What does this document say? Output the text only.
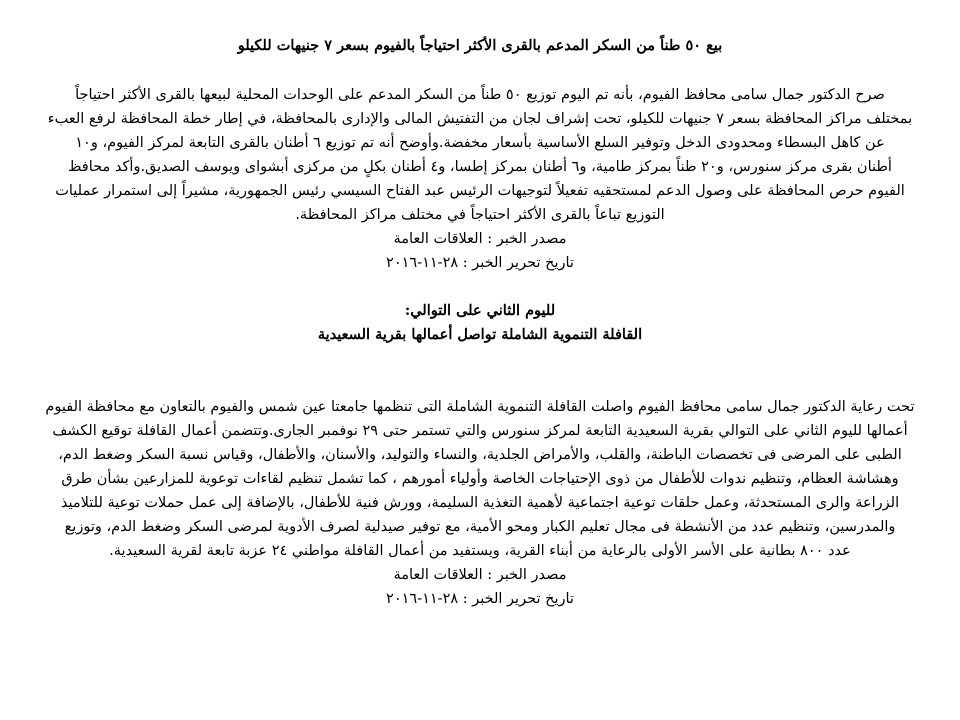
بيع ٥٠ طناً من السكر المدعم بالقرى الأكثر احتياجاً بالفيوم بسعر ٧ جنيهات للكيلو
صرح الدكتور جمال سامى محافظ الفيوم، بأنه تم اليوم توزيع ٥٠ طناً من السكر المدعم على الوحدات المحلية لبيعها بالقرى الأكثر احتياجاً
بمختلف مراكز المحافظة بسعر ٧ جنيهات للكيلو، تحت إشراف لجان من التفتيش المالى والإدارى بالمحافظة، في إطار خطة المحافظة لرفع العبء
عن كاهل البسطاء ومحدودى الدخل وتوفير السلع الأساسية بأسعار مخفضة.وأوضح أنه تم توزيع ٦ أطنان بالقرى التابعة لمركز الفيوم، و١٠
أطنان بقرى مركز سنورس، و٢٠ طناً بمركز طامية، و٦ أطنان بمركز إطسا، و٤ أطنان بكلٍ من مركزى أبشواى ويوسف الصديق.وأكد محافظ
الفيوم حرص المحافظة على وصول الدعم لمستحقيه تفعيلاً لتوجيهات الرئيس عبد الفتاح السيسي رئيس الجمهورية، مشيراً إلى استمرار عمليات
التوزيع تباعاً بالقرى الأكثر احتياجاً في مختلف مراكز المحافظة.
مصدر الخبر : العلاقات العامة
تاريخ تحرير الخبر : ٢٨-١١-٢٠١٦
لليوم الثاني على التوالي:
القافلة التنموية الشاملة تواصل أعمالها بقرية السعيدية
تحت رعاية الدكتور جمال سامى محافظ الفيوم واصلت القافلة التنموية الشاملة التى تنظمها جامعتا عين شمس والفيوم بالتعاون مع محافظة الفيوم
أعمالها لليوم الثاني على التوالي بقرية السعيدية التابعة لمركز سنورس والتي تستمر حتى ٢٩ نوفمبر الجارى.وتتضمن أعمال القافلة توقيع الكشف
الطبى على المرضى فى تخصصات الباطنة، والقلب، والأمراض الجلدية، والنساء والتوليد، والأسنان، والأطفال، وقياس نسبة السكر وضغط الدم،
وهشاشة العظام، وتنظيم ندوات للأطفال من ذوى الإحتياجات الخاصة وأولياء أمورهم ، كما تشمل تنظيم لقاءات توعوية للمزارعين بشأن طرق
الزراعة والرى المستحدثة، وعمل حلقات توعية اجتماعية لأهمية التغذية السليمة، وورش فنية للأطفال، بالإضافة إلى عمل حملات توعية للتلاميذ
والمدرسين، وتنظيم عدد من الأنشطة فى مجال تعليم الكبار ومحو الأمية، مع توفير صيدلية لصرف الأدوية لمرضى السكر وضغط الدم، وتوزيع
عدد ٨٠٠ بطانية على الأسر الأولى بالرعاية من أبناء القرية، ويستفيد من أعمال القافلة مواطني ٢٤ عزبة تابعة لقرية السعيدية.
مصدر الخبر : العلاقات العامة
تاريخ تحرير الخبر : ٢٨-١١-٢٠١٦
